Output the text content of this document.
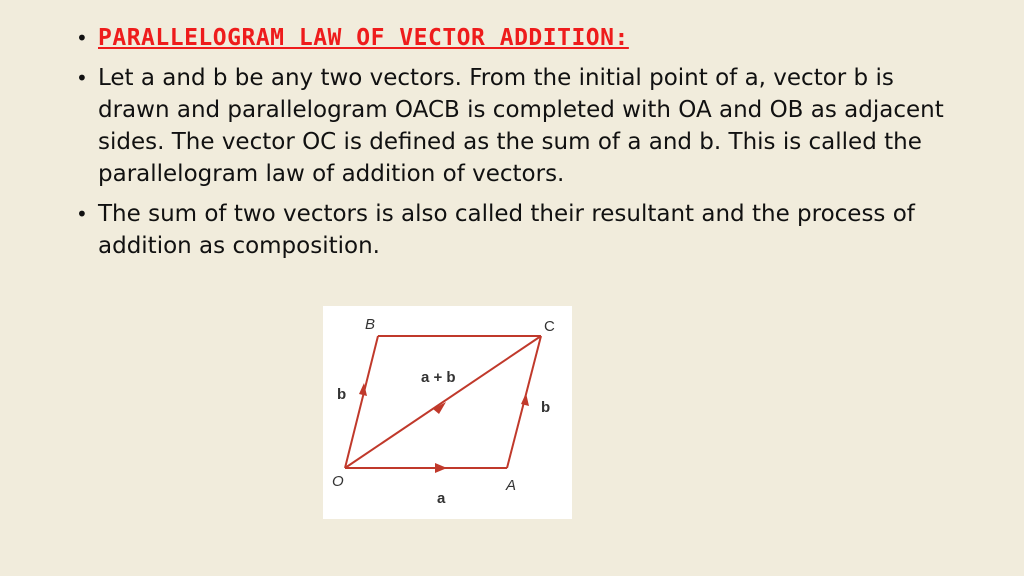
• PARALLELOGRAM LAW OF VECTOR ADDITION:
• Let a and b be any two vectors. From the initial point of a, vector b is drawn and parallelogram OACB is completed with OA and OB as adjacent sides. The vector OC is defined as the sum of a and b. This is called the parallelogram law of addition of vectors.
• The sum of two vectors is also called their resultant and the process of addition as composition.
B	C
O	A
a
b
b
a + b
